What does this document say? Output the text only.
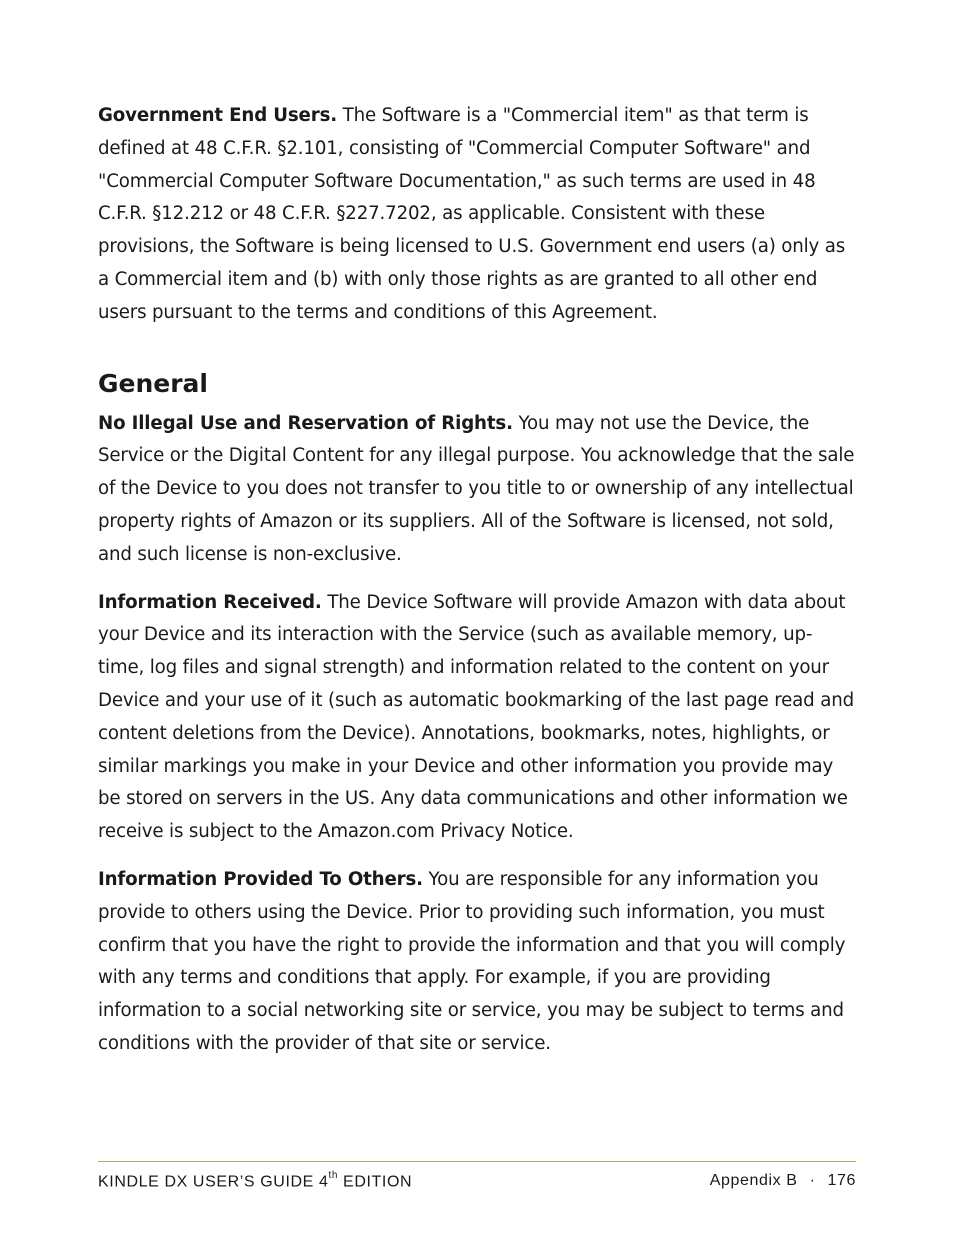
Government End Users. The Software is a "Commercial item" as that term is defined at 48 C.F.R. §2.101, consisting of "Commercial Computer Software" and "Commercial Computer Software Documentation," as such terms are used in 48 C.F.R. §12.212 or 48 C.F.R. §227.7202, as applicable. Consistent with these provisions, the Software is being licensed to U.S. Government end users (a) only as a Commercial item and (b) with only those rights as are granted to all other end users pursuant to the terms and conditions of this Agreement.

General

No Illegal Use and Reservation of Rights. You may not use the Device, the Service or the Digital Content for any illegal purpose. You acknowledge that the sale of the Device to you does not transfer to you title to or ownership of any intellectual property rights of Amazon or its suppliers. All of the Software is licensed, not sold, and such license is non-exclusive.

Information Received. The Device Software will provide Amazon with data about your Device and its interaction with the Service (such as available memory, up-time, log files and signal strength) and information related to the content on your Device and your use of it (such as automatic bookmarking of the last page read and content deletions from the Device). Annotations, bookmarks, notes, highlights, or similar markings you make in your Device and other information you provide may be stored on servers in the US. Any data communications and other information we receive is subject to the Amazon.com Privacy Notice.

Information Provided To Others. You are responsible for any information you provide to others using the Device. Prior to providing such information, you must confirm that you have the right to provide the information and that you will comply with any terms and conditions that apply. For example, if you are providing information to a social networking site or service, you may be subject to terms and conditions with the provider of that site or service.

KINDLE DX USER’S GUIDE 4th EDITION	Appendix B · 176
